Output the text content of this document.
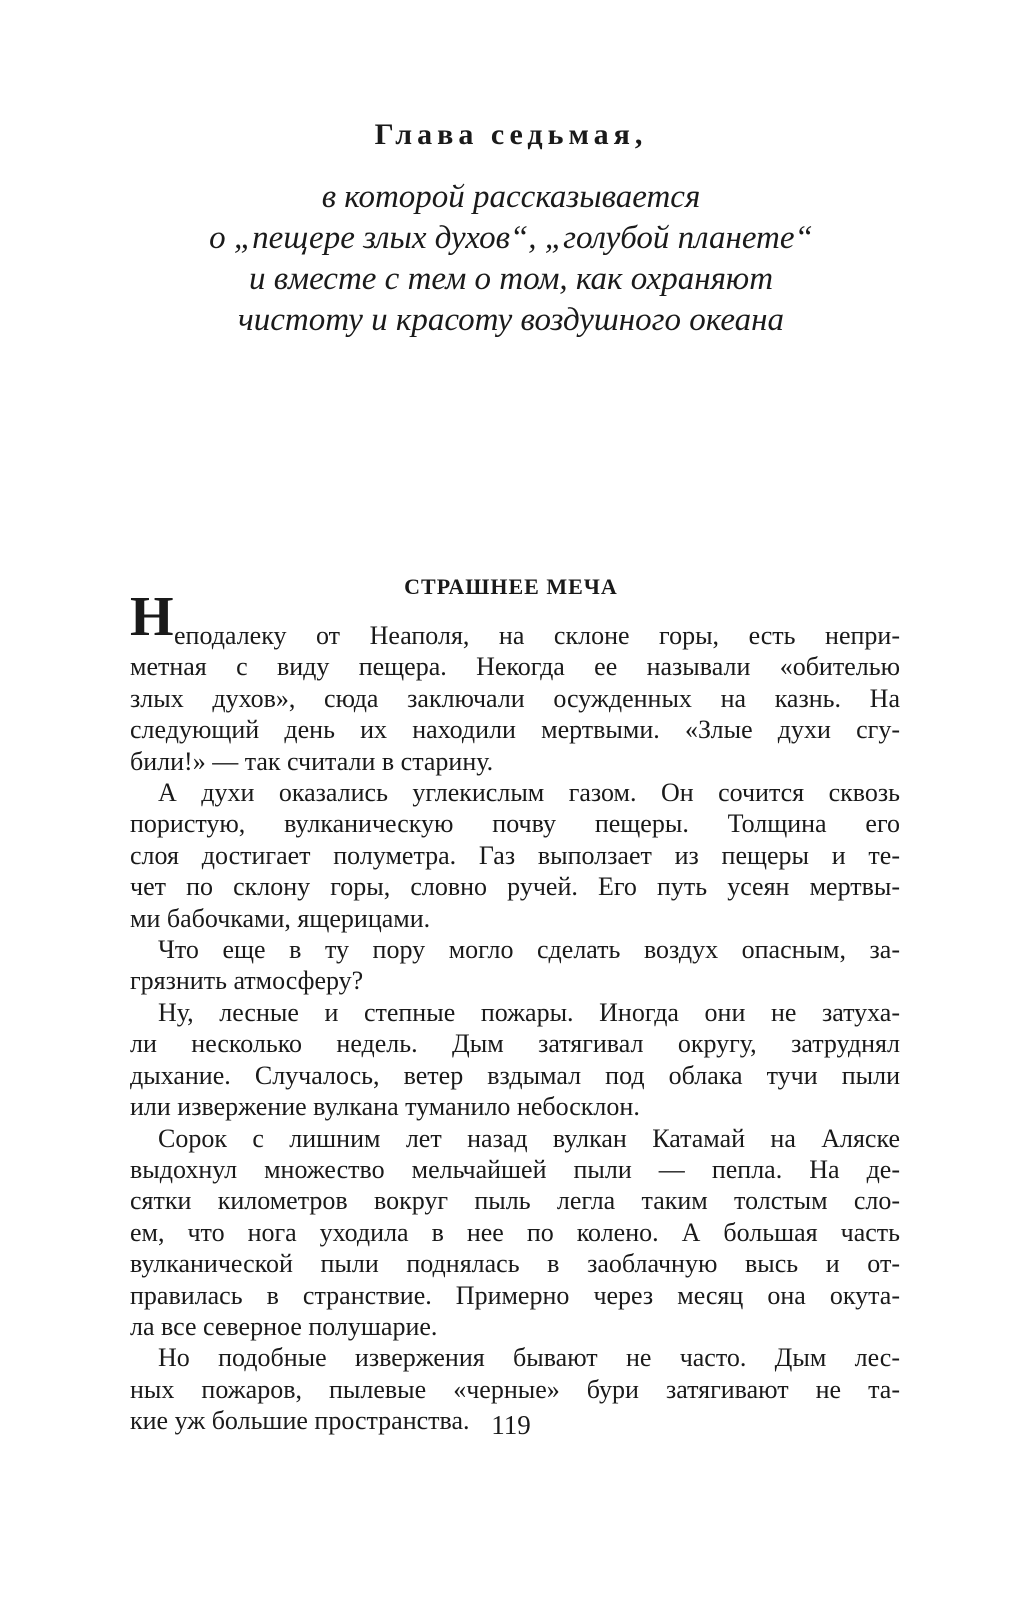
Глава седьмая,
в которой рассказывается
о „пещере злых духов“, „голубой планете“
и вместе с тем о том, как охраняют
чистоту и красоту воздушного океана
СТРАШНЕЕ МЕЧА
Н еподалеку от Неаполя, на склоне горы, есть непри-
метная с виду пещера. Некогда ее называли «обителью
злых духов», сюда заключали осужденных на казнь. На
следующий день их находили мертвыми. «Злые духи сгу-
били!» — так считали в старину.

А духи оказались углекислым газом. Он сочится сквозь
пористую, вулканическую почву пещеры. Толщина его
слоя достигает полуметра. Газ выползает из пещеры и те-
чет по склону горы, словно ручей. Его путь усеян мертвы-
ми бабочками, ящерицами.

Что еще в ту пору могло сделать воздух опасным, за-
грязнить атмосферу?

Ну, лесные и степные пожары. Иногда они не затуха-
ли несколько недель. Дым затягивал округу, затруднял
дыхание. Случалось, ветер вздымал под облака тучи пыли
или извержение вулкана туманило небосклон.

Сорок с лишним лет назад вулкан Катамай на Аляске
выдохнул множество мельчайшей пыли — пепла. На де-
сятки километров вокруг пыль легла таким толстым сло-
ем, что нога уходила в нее по колено. А большая часть
вулканической пыли поднялась в заоблачную высь и от-
правилась в странствие. Примерно через месяц она окута-
ла все северное полушарие.

Но подобные извержения бывают не часто. Дым лес-
ных пожаров, пылевые «черные» бури затягивают не та-
кие уж большие пространства. 119
